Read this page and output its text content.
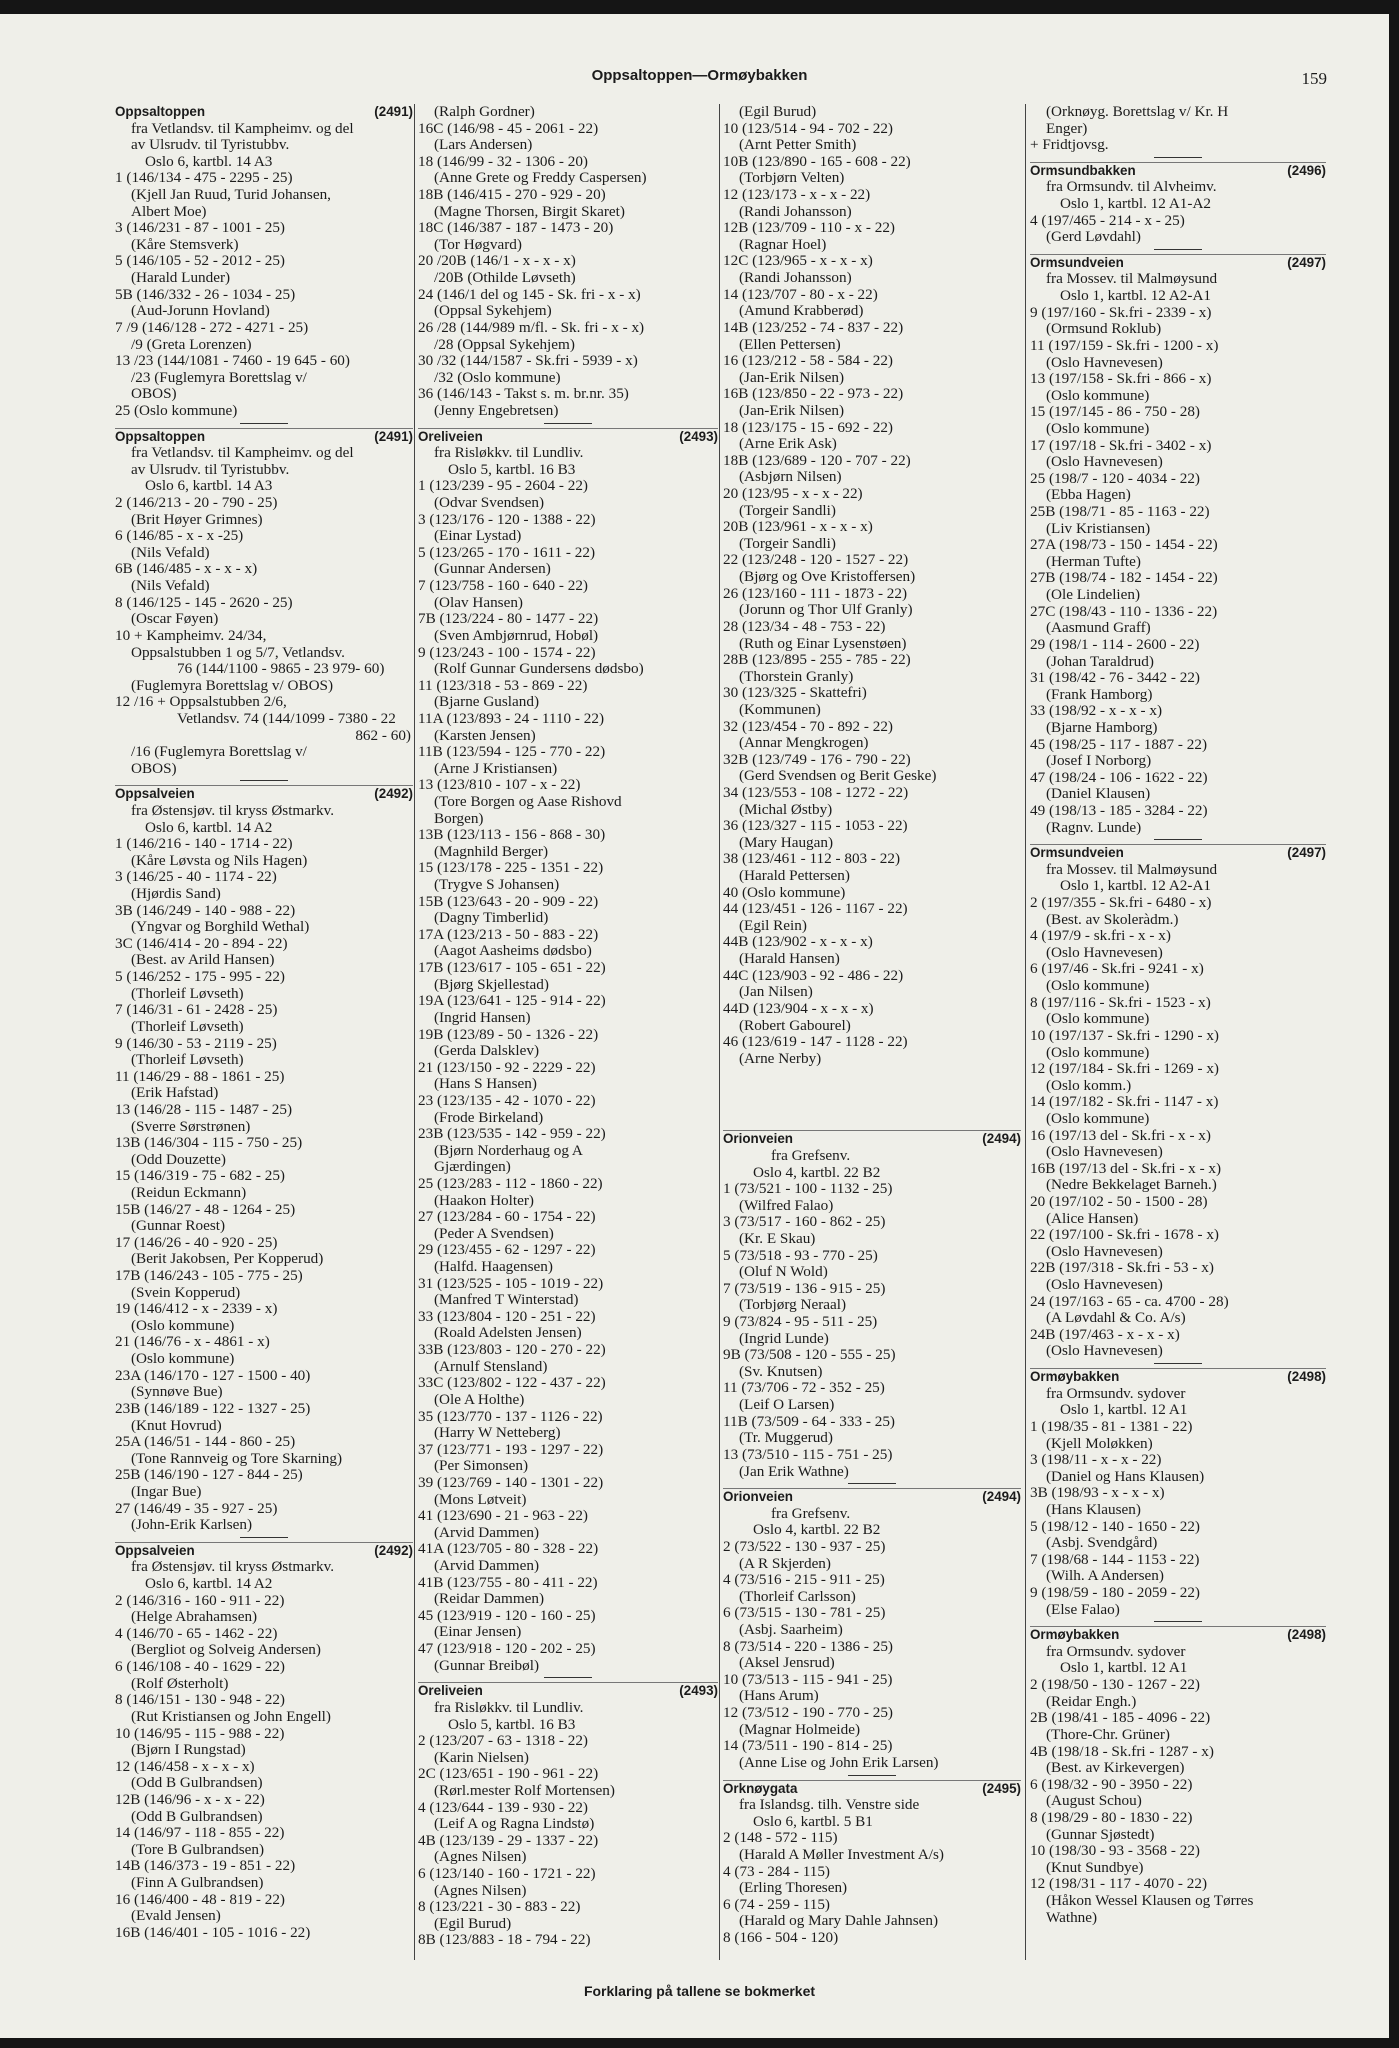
Oppsaltoppen—Ormøybakken	159
Oppsaltoppen	(2491)
fra Vetlandsv. til Kampheimv. og del
av Ulsrudv. til Tyristubbv.
Oslo 6, kartbl. 14 A3
1 (146/134 - 475 - 2295 - 25)
(Kjell Jan Ruud, Turid Johansen,
Albert Moe)
3 (146/231 - 87 - 1001 - 25)
(Kåre Stemsverk)
5 (146/105 - 52 - 2012 - 25)
(Harald Lunder)
5B (146/332 - 26 - 1034 - 25)
(Aud-Jorunn Hovland)
7 /9 (146/128 - 272 - 4271 - 25)
/9 (Greta Lorenzen)
13 /23 (144/1081 - 7460 - 19 645 - 60)
/23 (Fuglemyra Borettslag v/
OBOS)
25 (Oslo kommune)
Oppsaltoppen	(2491)
fra Vetlandsv. til Kampheimv. og del
av Ulsrudv. til Tyristubbv.
Oslo 6, kartbl. 14 A3
2 (146/213 - 20 - 790 - 25)
(Brit Høyer Grimnes)
6 (146/85 - x - x -25)
(Nils Vefald)
6B (146/485 - x - x - x)
(Nils Vefald)
8 (146/125 - 145 - 2620 - 25)
(Oscar Føyen)
10 + Kampheimv. 24/34,
Oppsalstubben 1 og 5/7, Vetlandsv.
76 (144/1100 - 9865 - 23 979- 60)
(Fuglemyra Borettslag v/ OBOS)
12 /16 + Oppsalstubben 2/6,
Vetlandsv. 74 (144/1099 - 7380 - 22
862 - 60)
/16 (Fuglemyra Borettslag v/
OBOS)
Oppsalveien	(2492)
fra Østensjøv. til kryss Østmarkv.
Oslo 6, kartbl. 14 A2
1 (146/216 - 140 - 1714 - 22)
(Kåre Løvsta og Nils Hagen)
3 (146/25 - 40 - 1174 - 22)
(Hjørdis Sand)
3B (146/249 - 140 - 988 - 22)
(Yngvar og Borghild Wethal)
3C (146/414 - 20 - 894 - 22)
(Best. av Arild Hansen)
5 (146/252 - 175 - 995 - 22)
(Thorleif Løvseth)
7 (146/31 - 61 - 2428 - 25)
(Thorleif Løvseth)
9 (146/30 - 53 - 2119 - 25)
(Thorleif Løvseth)
11 (146/29 - 88 - 1861 - 25)
(Erik Hafstad)
13 (146/28 - 115 - 1487 - 25)
(Sverre Sørstrønen)
13B (146/304 - 115 - 750 - 25)
(Odd Douzette)
15 (146/319 - 75 - 682 - 25)
(Reidun Eckmann)
15B (146/27 - 48 - 1264 - 25)
(Gunnar Roest)
17 (146/26 - 40 - 920 - 25)
(Berit Jakobsen, Per Kopperud)
17B (146/243 - 105 - 775 - 25)
(Svein Kopperud)
19 (146/412 - x - 2339 - x)
(Oslo kommune)
21 (146/76 - x - 4861 - x)
(Oslo kommune)
23A (146/170 - 127 - 1500 - 40)
(Synnøve Bue)
23B (146/189 - 122 - 1327 - 25)
(Knut Hovrud)
25A (146/51 - 144 - 860 - 25)
(Tone Rannveig og Tore Skarning)
25B (146/190 - 127 - 844 - 25)
(Ingar Bue)
27 (146/49 - 35 - 927 - 25)
(John-Erik Karlsen)
Oppsalveien	(2492)
fra Østensjøv. til kryss Østmarkv.
Oslo 6, kartbl. 14 A2
2 (146/316 - 160 - 911 - 22)
(Helge Abrahamsen)
4 (146/70 - 65 - 1462 - 22)
(Bergliot og Solveig Andersen)
6 (146/108 - 40 - 1629 - 22)
(Rolf Østerholt)
8 (146/151 - 130 - 948 - 22)
(Rut Kristiansen og John Engell)
10 (146/95 - 115 - 988 - 22)
(Bjørn I Rungstad)
12 (146/458 - x - x - x)
(Odd B Gulbrandsen)
12B (146/96 - x - x - 22)
(Odd B Gulbrandsen)
14 (146/97 - 118 - 855 - 22)
(Tore B Gulbrandsen)
14B (146/373 - 19 - 851 - 22)
(Finn A Gulbrandsen)
16 (146/400 - 48 - 819 - 22)
(Evald Jensen)
16B (146/401 - 105 - 1016 - 22)
(Ralph Gordner)
16C (146/98 - 45 - 2061 - 22)
(Lars Andersen)
18 (146/99 - 32 - 1306 - 20)
(Anne Grete og Freddy Caspersen)
18B (146/415 - 270 - 929 - 20)
(Magne Thorsen, Birgit Skaret)
18C (146/387 - 187 - 1473 - 20)
(Tor Høgvard)
20 /20B (146/1 - x - x - x)
/20B (Othilde Løvseth)
24 (146/1 del og 145 - Sk. fri - x - x)
(Oppsal Sykehjem)
26 /28 (144/989 m/fl. - Sk. fri - x - x)
/28 (Oppsal Sykehjem)
30 /32 (144/1587 - Sk.fri - 5939 - x)
/32 (Oslo kommune)
36 (146/143 - Takst s. m. br.nr. 35)
(Jenny Engebretsen)
Oreliveien	(2493)
fra Risløkkv. til Lundliv.
Oslo 5, kartbl. 16 B3
1 (123/239 - 95 - 2604 - 22)
(Odvar Svendsen)
3 (123/176 - 120 - 1388 - 22)
(Einar Lystad)
5 (123/265 - 170 - 1611 - 22)
(Gunnar Andersen)
7 (123/758 - 160 - 640 - 22)
(Olav Hansen)
7B (123/224 - 80 - 1477 - 22)
(Sven Ambjørnrud, Hobøl)
9 (123/243 - 100 - 1574 - 22)
(Rolf Gunnar Gundersens dødsbo)
11 (123/318 - 53 - 869 - 22)
(Bjarne Gusland)
11A (123/893 - 24 - 1110 - 22)
(Karsten Jensen)
11B (123/594 - 125 - 770 - 22)
(Arne J Kristiansen)
13 (123/810 - 107 - x - 22)
(Tore Borgen og Aase Rishovd
Borgen)
13B (123/113 - 156 - 868 - 30)
(Magnhild Berger)
15 (123/178 - 225 - 1351 - 22)
(Trygve S Johansen)
15B (123/643 - 20 - 909 - 22)
(Dagny Timberlid)
17A (123/213 - 50 - 883 - 22)
(Aagot Aasheims dødsbo)
17B (123/617 - 105 - 651 - 22)
(Bjørg Skjellestad)
19A (123/641 - 125 - 914 - 22)
(Ingrid Hansen)
19B (123/89 - 50 - 1326 - 22)
(Gerda Dalsklev)
21 (123/150 - 92 - 2229 - 22)
(Hans S Hansen)
23 (123/135 - 42 - 1070 - 22)
(Frode Birkeland)
23B (123/535 - 142 - 959 - 22)
(Bjørn Norderhaug og A
Gjærdingen)
25 (123/283 - 112 - 1860 - 22)
(Haakon Holter)
27 (123/284 - 60 - 1754 - 22)
(Peder A Svendsen)
29 (123/455 - 62 - 1297 - 22)
(Halfd. Haagensen)
31 (123/525 - 105 - 1019 - 22)
(Manfred T Winterstad)
33 (123/804 - 120 - 251 - 22)
(Roald Adelsten Jensen)
33B (123/803 - 120 - 270 - 22)
(Arnulf Stensland)
33C (123/802 - 122 - 437 - 22)
(Ole A Holthe)
35 (123/770 - 137 - 1126 - 22)
(Harry W Netteberg)
37 (123/771 - 193 - 1297 - 22)
(Per Simonsen)
39 (123/769 - 140 - 1301 - 22)
(Mons Løtveit)
41 (123/690 - 21 - 963 - 22)
(Arvid Dammen)
41A (123/705 - 80 - 328 - 22)
(Arvid Dammen)
41B (123/755 - 80 - 411 - 22)
(Reidar Dammen)
45 (123/919 - 120 - 160 - 25)
(Einar Jensen)
47 (123/918 - 120 - 202 - 25)
(Gunnar Breibøl)
Oreliveien	(2493)
fra Risløkkv. til Lundliv.
Oslo 5, kartbl. 16 B3
2 (123/207 - 63 - 1318 - 22)
(Karin Nielsen)
2C (123/651 - 190 - 961 - 22)
(Rørl.mester Rolf Mortensen)
4 (123/644 - 139 - 930 - 22)
(Leif A og Ragna Lindstø)
4B (123/139 - 29 - 1337 - 22)
(Agnes Nilsen)
6 (123/140 - 160 - 1721 - 22)
(Agnes Nilsen)
8 (123/221 - 30 - 883 - 22)
(Egil Burud)
8B (123/883 - 18 - 794 - 22)
(Egil Burud)
10 (123/514 - 94 - 702 - 22)
(Arnt Petter Smith)
10B (123/890 - 165 - 608 - 22)
(Torbjørn Velten)
12 (123/173 - x - x - 22)
(Randi Johansson)
12B (123/709 - 110 - x - 22)
(Ragnar Hoel)
12C (123/965 - x - x - x)
(Randi Johansson)
14 (123/707 - 80 - x - 22)
(Amund Krabberød)
14B (123/252 - 74 - 837 - 22)
(Ellen Pettersen)
16 (123/212 - 58 - 584 - 22)
(Jan-Erik Nilsen)
16B (123/850 - 22 - 973 - 22)
(Jan-Erik Nilsen)
18 (123/175 - 15 - 692 - 22)
(Arne Erik Ask)
18B (123/689 - 120 - 707 - 22)
(Asbjørn Nilsen)
20 (123/95 - x - x - 22)
(Torgeir Sandli)
20B (123/961 - x - x - x)
(Torgeir Sandli)
22 (123/248 - 120 - 1527 - 22)
(Bjørg og Ove Kristoffersen)
26 (123/160 - 111 - 1873 - 22)
(Jorunn og Thor Ulf Granly)
28 (123/34 - 48 - 753 - 22)
(Ruth og Einar Lysenstøen)
28B (123/895 - 255 - 785 - 22)
(Thorstein Granly)
30 (123/325 - Skattefri)
(Kommunen)
32 (123/454 - 70 - 892 - 22)
(Annar Mengkrogen)
32B (123/749 - 176 - 790 - 22)
(Gerd Svendsen og Berit Geske)
34 (123/553 - 108 - 1272 - 22)
(Michal Østby)
36 (123/327 - 115 - 1053 - 22)
(Mary Haugan)
38 (123/461 - 112 - 803 - 22)
(Harald Pettersen)
40 (Oslo kommune)
44 (123/451 - 126 - 1167 - 22)
(Egil Rein)
44B (123/902 - x - x - x)
(Harald Hansen)
44C (123/903 - 92 - 486 - 22)
(Jan Nilsen)
44D (123/904 - x - x - x)
(Robert Gabourel)
46 (123/619 - 147 - 1128 - 22)
(Arne Nerby)
Orionveien	(2494)
fra Grefsenv.
Oslo 4, kartbl. 22 B2
1 (73/521 - 100 - 1132 - 25)
(Wilfred Falao)
3 (73/517 - 160 - 862 - 25)
(Kr. E Skau)
5 (73/518 - 93 - 770 - 25)
(Oluf N Wold)
7 (73/519 - 136 - 915 - 25)
(Torbjørg Neraal)
9 (73/824 - 95 - 511 - 25)
(Ingrid Lunde)
9B (73/508 - 120 - 555 - 25)
(Sv. Knutsen)
11 (73/706 - 72 - 352 - 25)
(Leif O Larsen)
11B (73/509 - 64 - 333 - 25)
(Tr. Muggerud)
13 (73/510 - 115 - 751 - 25)
(Jan Erik Wathne)
Orionveien	(2494)
fra Grefsenv.
Oslo 4, kartbl. 22 B2
2 (73/522 - 130 - 937 - 25)
(A R Skjerden)
4 (73/516 - 215 - 911 - 25)
(Thorleif Carlsson)
6 (73/515 - 130 - 781 - 25)
(Asbj. Saarheim)
8 (73/514 - 220 - 1386 - 25)
(Aksel Jensrud)
10 (73/513 - 115 - 941 - 25)
(Hans Arum)
12 (73/512 - 190 - 770 - 25)
(Magnar Holmeide)
14 (73/511 - 190 - 814 - 25)
(Anne Lise og John Erik Larsen)
Orknøygata	(2495)
fra Islandsg. tilh. Venstre side
Oslo 6, kartbl. 5 B1
2 (148 - 572 - 115)
(Harald A Møller Investment A/s)
4 (73 - 284 - 115)
(Erling Thoresen)
6 (74 - 259 - 115)
(Harald og Mary Dahle Jahnsen)
8 (166 - 504 - 120)
(Orknøyg. Borettslag v/ Kr. H
Enger)
+ Fridtjovsg.
Ormsundbakken	(2496)
fra Ormsundv. til Alvheimv.
Oslo 1, kartbl. 12 A1-A2
4 (197/465 - 214 - x - 25)
(Gerd Løvdahl)
Ormsundveien	(2497)
fra Mossev. til Malmøysund
Oslo 1, kartbl. 12 A2-A1
9 (197/160 - Sk.fri - 2339 - x)
(Ormsund Roklub)
11 (197/159 - Sk.fri - 1200 - x)
(Oslo Havnevesen)
13 (197/158 - Sk.fri - 866 - x)
(Oslo kommune)
15 (197/145 - 86 - 750 - 28)
(Oslo kommune)
17 (197/18 - Sk.fri - 3402 - x)
(Oslo Havnevesen)
25 (198/7 - 120 - 4034 - 22)
(Ebba Hagen)
25B (198/71 - 85 - 1163 - 22)
(Liv Kristiansen)
27A (198/73 - 150 - 1454 - 22)
(Herman Tufte)
27B (198/74 - 182 - 1454 - 22)
(Ole Lindelien)
27C (198/43 - 110 - 1336 - 22)
(Aasmund Graff)
29 (198/1 - 114 - 2600 - 22)
(Johan Taraldrud)
31 (198/42 - 76 - 3442 - 22)
(Frank Hamborg)
33 (198/92 - x - x - x)
(Bjarne Hamborg)
45 (198/25 - 117 - 1887 - 22)
(Josef I Norborg)
47 (198/24 - 106 - 1622 - 22)
(Daniel Klausen)
49 (198/13 - 185 - 3284 - 22)
(Ragnv. Lunde)
Ormsundveien	(2497)
fra Mossev. til Malmøysund
Oslo 1, kartbl. 12 A2-A1
2 (197/355 - Sk.fri - 6480 - x)
(Best. av Skoleràdm.)
4 (197/9 - sk.fri - x - x)
(Oslo Havnevesen)
6 (197/46 - Sk.fri - 9241 - x)
(Oslo kommune)
8 (197/116 - Sk.fri - 1523 - x)
(Oslo kommune)
10 (197/137 - Sk.fri - 1290 - x)
(Oslo kommune)
12 (197/184 - Sk.fri - 1269 - x)
(Oslo komm.)
14 (197/182 - Sk.fri - 1147 - x)
(Oslo kommune)
16 (197/13 del - Sk.fri - x - x)
(Oslo Havnevesen)
16B (197/13 del - Sk.fri - x - x)
(Nedre Bekkelaget Barneh.)
20 (197/102 - 50 - 1500 - 28)
(Alice Hansen)
22 (197/100 - Sk.fri - 1678 - x)
(Oslo Havnevesen)
22B (197/318 - Sk.fri - 53 - x)
(Oslo Havnevesen)
24 (197/163 - 65 - ca. 4700 - 28)
(A Løvdahl & Co. A/s)
24B (197/463 - x - x - x)
(Oslo Havnevesen)
Ormøybakken	(2498)
fra Ormsundv. sydover
Oslo 1, kartbl. 12 A1
1 (198/35 - 81 - 1381 - 22)
(Kjell Moløkken)
3 (198/11 - x - x - 22)
(Daniel og Hans Klausen)
3B (198/93 - x - x - x)
(Hans Klausen)
5 (198/12 - 140 - 1650 - 22)
(Asbj. Svendgård)
7 (198/68 - 144 - 1153 - 22)
(Wilh. A Andersen)
9 (198/59 - 180 - 2059 - 22)
(Else Falao)
Ormøybakken	(2498)
fra Ormsundv. sydover
Oslo 1, kartbl. 12 A1
2 (198/50 - 130 - 1267 - 22)
(Reidar Engh.)
2B (198/41 - 185 - 4096 - 22)
(Thore-Chr. Grüner)
4B (198/18 - Sk.fri - 1287 - x)
(Best. av Kirkevergen)
6 (198/32 - 90 - 3950 - 22)
(August Schou)
8 (198/29 - 80 - 1830 - 22)
(Gunnar Sjøstedt)
10 (198/30 - 93 - 3568 - 22)
(Knut Sundbye)
12 (198/31 - 117 - 4070 - 22)
(Håkon Wessel Klausen og Tørres
Wathne)
Forklaring på tallene se bokmerket
